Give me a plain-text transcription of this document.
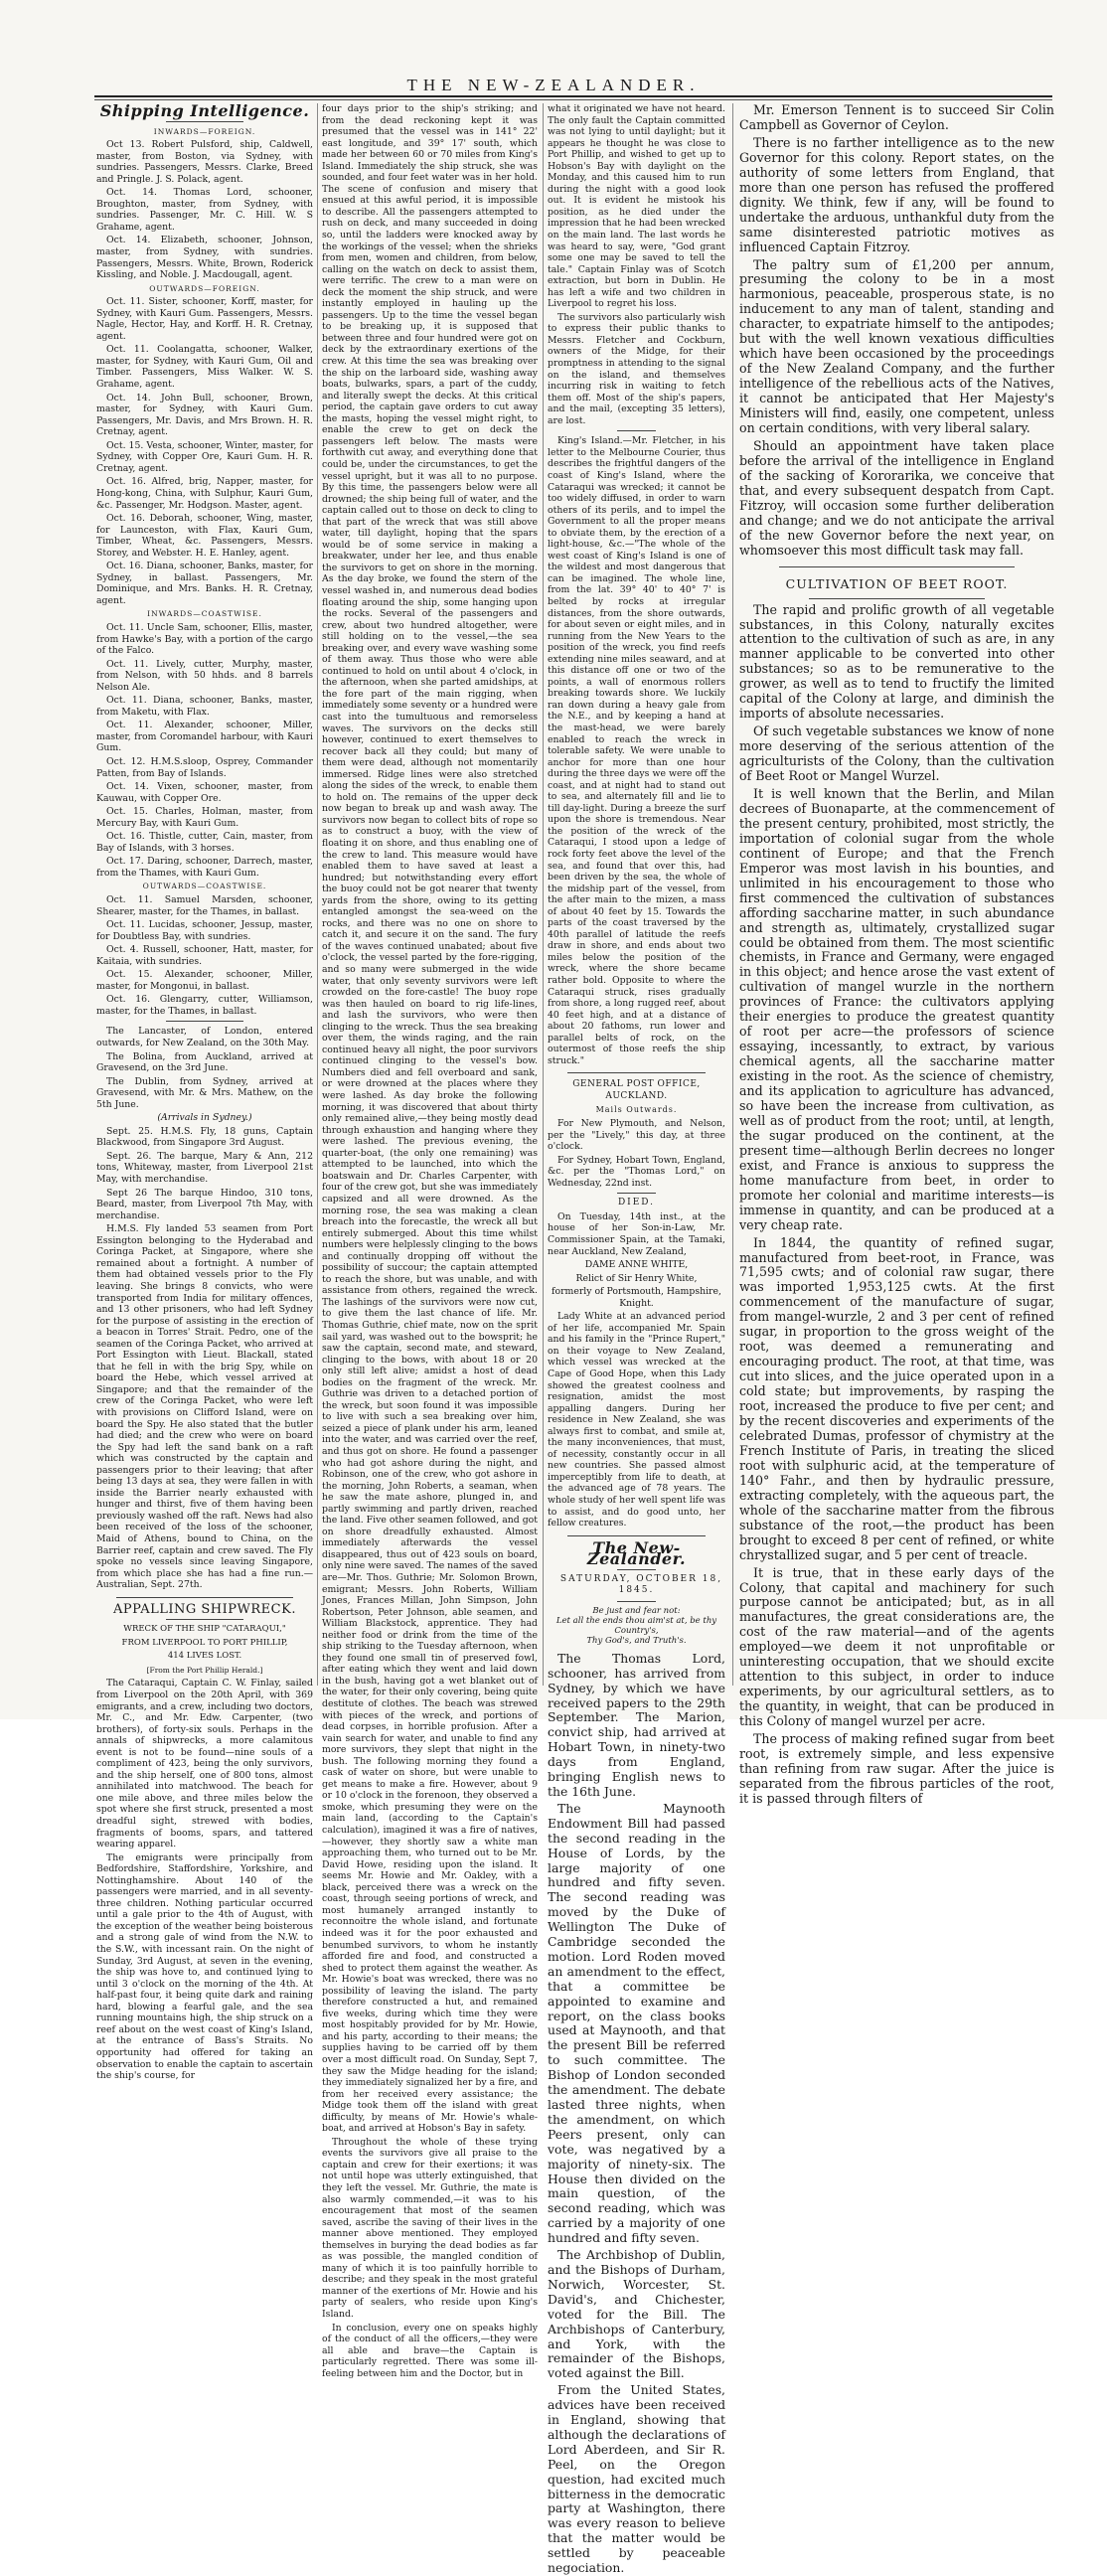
THE NEW-ZEALANDER.
Shipping Intelligence.

INWARDS—FOREIGN.

Oct 13. Robert Pulsford, ship, Caldwell, master, from Boston, via Sydney, with sundries. Passengers, Messrs. Clarke, Breed and Pringle. J. S. Polack, agent.

Oct. 14. Thomas Lord, schooner, Broughton, master, from Sydney, with sundries. Passenger, Mr. C. Hill. W. S Grahame, agent.

Oct. 14. Elizabeth, schooner, Johnson, master, from Sydney, with sundries. Passengers, Messrs. White, Brown, Roderick Kissling, and Noble. J. Macdougall, agent.

OUTWARDS—FOREIGN.

Oct. 11. Sister, schooner, Korff, master, for Sydney, with Kauri Gum. Passengers, Messrs. Nagle, Hector, Hay, and Korff. H. R. Cretnay, agent.

Oct. 11. Coolangatta, schooner, Walker, master, for Sydney, with Kauri Gum, Oil and Timber. Passengers, Miss Walker. W. S. Grahame, agent.

Oct. 14. John Bull, schooner, Brown, master, for Sydney, with Kauri Gum. Passengers, Mr. Davis, and Mrs Brown. H. R. Cretnay, agent.

Oct. 15. Vesta, schooner, Winter, master, for Sydney, with Copper Ore, Kauri Gum. H. R. Cretnay, agent.

Oct. 16. Alfred, brig, Napper, master, for Hong-kong, China, with Sulphur, Kauri Gum, &c. Passenger, Mr. Hodgson. Master, agent.

Oct. 16. Deborah, schooner, Wing, master, for Launceston, with Flax, Kauri Gum, Timber, Wheat, &c. Passengers, Messrs. Storey, and Webster. H. E. Hanley, agent.

Oct. 16. Diana, schooner, Banks, master, for Sydney, in ballast. Passengers, Mr. Dominique, and Mrs. Banks. H. R. Cretnay, agent.

INWARDS—COASTWISE.

Oct. 11. Uncle Sam, schooner, Ellis, master, from Hawke's Bay, with a portion of the cargo of the Falco.

Oct. 11. Lively, cutter, Murphy, master, from Nelson, with 50 hhds. and 8 barrels Nelson Ale.

Oct. 11. Diana, schooner, Banks, master, from Maketu, with Flax.

Oct. 11. Alexander, schooner, Miller, master, from Coromandel harbour, with Kauri Gum.

Oct. 12. H.M.S.sloop, Osprey, Commander Patten, from Bay of Islands.

Oct. 14. Vixen, schooner, master, from Kauwau, with Copper Ore.

Oct. 15. Charles, Holman, master, from Mercury Bay, with Kauri Gum.

Oct. 16. Thistle, cutter, Cain, master, from Bay of Islands, with 3 horses.

Oct. 17. Daring, schooner, Darrech, master, from the Thames, with Kauri Gum.

OUTWARDS—COASTWISE.

Oct. 11. Samuel Marsden, schooner, Shearer, master, for the Thames, in ballast.

Oct. 11. Lucidas, schooner, Jessup, master, for Doubtless Bay, with sundries.

Oct. 4. Russell, schooner, Hatt, master, for Kaitaia, with sundries.

Oct. 15. Alexander, schooner, Miller, master, for Mongonui, in ballast.

Oct. 16. Glengarry, cutter, Williamson, master, for the Thames, in ballast.

The Lancaster, of London, entered outwards, for New Zealand, on the 30th May.

The Bolina, from Auckland, arrived at Gravesend, on the 3rd June.

The Dublin, from Sydney, arrived at Gravesend, with Mr. & Mrs. Mathew, on the 5th June.

(Arrivals in Sydney.)

Sept. 25. H.M.S. Fly, 18 guns, Captain Blackwood, from Singapore 3rd August.

Sept. 26. The barque, Mary & Ann, 212 tons, Whiteway, master, from Liverpool 21st May, with merchandise.

Sept 26 The barque Hindoo, 310 tons, Beard, master, from Liverpool 7th May, with merchandise.

H.M.S. Fly landed 53 seamen from Port Essington belonging to the Hyderabad and Coringa Packet, at Singapore, where she remained about a fortnight. A number of them had obtained vessels prior to the Fly leaving. She brings 8 convicts, who were transported from India for military offences, and 13 other prisoners, who had left Sydney for the purpose of assisting in the erection of a beacon in Torres' Strait. Pedro, one of the seamen of the Coringa Packet, who arrived at Port Essington with Lieut. Blackall, stated that he fell in with the brig Spy, while on board the Hebe, which vessel arrived at Singapore; and that the remainder of the crew of the Coringa Packet, who were left with provisions on Clifford Island, were on board the Spy. He also stated that the butler had died; and the crew who were on board the Spy had left the sand bank on a raft which was constructed by the captain and passengers prior to their leaving; that after being 13 days at sea, they were fallen in with inside the Barrier nearly exhausted with hunger and thirst, five of them having been previously washed off the raft. News had also been received of the loss of the schooner, Maid of Athens, bound to China, on the Barrier reef, captain and crew saved. The Fly spoke no vessels since leaving Singapore, from which place she has had a fine run.—Australian, Sept. 27th.

APPALLING SHIPWRECK.

WRECK OF THE SHIP "CATARAQUI,"

FROM LIVERPOOL TO PORT PHILLIP,

414 LIVES LOST.

[From the Port Phillip Herald.]

The Cataraqui, Captain C. W. Finlay, sailed from Liverpool on the 20th April, with 369 emigrants, and a crew, including two doctors, Mr. C., and Mr. Edw. Carpenter, (two brothers), of forty-six souls. Perhaps in the annals of shipwrecks, a more calamitous event is not to be found—nine souls of a compliment of 423, being the only survivors, and the ship herself, one of 800 tons, almost annihilated into matchwood. The beach for one mile above, and three miles below the spot where she first struck, presented a most dreadful sight, strewed with bodies, fragments of booms, spars, and tattered wearing apparel.

The emigrants were principally from Bedfordshire, Staffordshire, Yorkshire, and Nottinghamshire. About 140 of the passengers were married, and in all seventy-three children. Nothing particular occurred until a gale prior to the 4th of August, with the exception of the weather being boisterous and a strong gale of wind from the N.W. to the S.W., with incessant rain. On the night of Sunday, 3rd August, at seven in the evening, the ship was hove to, and continued lying to until 3 o'clock on the morning of the 4th. At half-past four, it being quite dark and raining hard, blowing a fearful gale, and the sea running mountains high, the ship struck on a reef about on the west coast of King's Island, at the entrance of Bass's Straits. No opportunity had offered for taking an observation to enable the captain to ascertain the ship's course, for

four days prior to the ship's striking; and from the dead reckoning kept it was presumed that the vessel was in 141° 22' east longitude, and 39° 17' south, which made her between 60 or 70 miles from King's Island. Immediately the ship struck, she was sounded, and four feet water was in her hold. The scene of confusion and misery that ensued at this awful period, it is impossible to describe. All the passengers attempted to rush on deck, and many succeeded in doing so, until the ladders were knocked away by the workings of the vessel; when the shrieks from men, women and children, from below, calling on the watch on deck to assist them, were terrific. The crew to a man were on deck the moment the ship struck, and were instantly employed in hauling up the passengers. Up to the time the vessel began to be breaking up, it is supposed that between three and four hundred were got on deck by the extraordinary exertions of the crew. At this time the sea was breaking over the ship on the larboard side, washing away boats, bulwarks, spars, a part of the cuddy, and literally swept the decks. At this critical period, the captain gave orders to cut away the masts, hoping the vessel might right, to enable the crew to get on deck the passengers left below. The masts were forthwith cut away, and everything done that could be, under the circumstances, to get the vessel upright, but it was all to no purpose. By this time, the passengers below were all drowned; the ship being full of water, and the captain called out to those on deck to cling to that part of the wreck that was still above water, till daylight, hoping that the spars would be of some service in making a breakwater, under her lee, and thus enable the survivors to get on shore in the morning. As the day broke, we found the stern of the vessel washed in, and numerous dead bodies floating around the ship, some hanging upon the rocks. Several of the passengers and crew, about two hundred altogether, were still holding on to the vessel,—the sea breaking over, and every wave washing some of them away. Thus those who were able continued to hold on until about 4 o'clock, in the afternoon, when she parted amidships, at the fore part of the main rigging, when immediately some seventy or a hundred were cast into the tumultuous and remorseless waves. The survivors on the decks still however, continued to exert themselves to recover back all they could; but many of them were dead, although not momentarily immersed. Ridge lines were also stretched along the sides of the wreck, to enable them to hold on. The remains of the upper deck now began to break up and wash away. The survivors now began to collect bits of rope so as to construct a buoy, with the view of floating it on shore, and thus enabling one of the crew to land. This measure would have enabled them to have saved at least a hundred; but notwithstanding every effort the buoy could not be got nearer that twenty yards from the shore, owing to its getting entangled amongst the sea-weed on the rocks, and there was no one on shore to catch it, and secure it on the sand. The fury of the waves continued unabated; about five o'clock, the vessel parted by the fore-rigging, and so many were submerged in the wide water, that only seventy survivors were left crowded on the fore-castle! The buoy rope was then hauled on board to rig life-lines, and lash the survivors, who were then clinging to the wreck. Thus the sea breaking over them, the winds raging, and the rain continued heavy all night, the poor survivors continued clinging to the vessel's bow. Numbers died and fell overboard and sank, or were drowned at the places where they were lashed. As day broke the following morning, it was discovered that about thirty only remained alive,—they being mostly dead through exhaustion and hanging where they were lashed. The previous evening, the quarter-boat, (the only one remaining) was attempted to be launched, into which the boatswain and Dr. Charles Carpenter, with four of the crew got, but she was immediately capsized and all were drowned. As the morning rose, the sea was making a clean breach into the forecastle, the wreck all but entirely submerged. About this time whilst numbers were helplessly clinging to the bows and continually dropping off without the possibility of succour; the captain attempted to reach the shore, but was unable, and with assistance from others, regained the wreck. The lashings of the survivors were now cut, to give them the last chance of life. Mr. Thomas Guthrie, chief mate, now on the sprit sail yard, was washed out to the bowsprit; he saw the captain, second mate, and steward, clinging to the bows, with about 18 or 20 only still left alive; amidst a host of dead bodies on the fragment of the wreck. Mr. Guthrie was driven to a detached portion of the wreck, but soon found it was impossible to live with such a sea breaking over him, seized a piece of plank under his arm, leaned into the water, and was carried over the reef, and thus got on shore. He found a passenger who had got ashore during the night, and Robinson, one of the crew, who got ashore in the morning, John Roberts, a seaman, when he saw the mate ashore, plunged in, and partly swimming and partly driven, reached the land. Five other seamen followed, and got on shore dreadfully exhausted. Almost immediately afterwards the vessel disappeared, thus out of 423 souls on board, only nine were saved. The names of the saved are—Mr. Thos. Guthrie; Mr. Solomon Brown, emigrant; Messrs. John Roberts, William Jones, Frances Millan, John Simpson, John Robertson, Peter Johnson, able seamen, and William Blackstock, apprentice. They had neither food or drink from the time of the ship striking to the Tuesday afternoon, when they found one small tin of preserved fowl, after eating which they went and laid down in the bush, having got a wet blanket out of the water, for their only covering, being quite destitute of clothes. The beach was strewed with pieces of the wreck, and portions of dead corpses, in horrible profusion. After a vain search for water, and unable to find any more survivors, they slept that night in the bush. The following morning they found a cask of water on shore, but were unable to get means to make a fire. However, about 9 or 10 o'clock in the forenoon, they observed a smoke, which presuming they were on the main land, (according to the Captain's calculation), imagined it was a fire of natives,—however, they shortly saw a white man approaching them, who turned out to be Mr. David Howe, residing upon the island. It seems Mr. Howie and Mr. Oakley, with a black, perceived there was a wreck on the coast, through seeing portions of wreck, and most humanely arranged instantly to reconnoitre the whole island, and fortunate indeed was it for the poor exhausted and benumbed survivors, to whom he instantly afforded fire and food, and constructed a shed to protect them against the weather. As Mr. Howie's boat was wrecked, there was no possibility of leaving the island. The party therefore constructed a hut, and remained five weeks, during which time they were most hospitably provided for by Mr. Howie, and his party, according to their means; the supplies having to be carried off by them over a most difficult road. On Sunday, Sept 7, they saw the Midge heading for the island; they immediately signalized her by a fire, and from her received every assistance; the Midge took them off the island with great difficulty, by means of Mr. Howie's whale-boat, and arrived at Hobson's Bay in safety.

Throughout the whole of these trying events the survivors give all praise to the captain and crew for their exertions; it was not until hope was utterly extinguished, that they left the vessel. Mr. Guthrie, the mate is also warmly commended,—it was to his encouragement that most of the seamen saved, ascribe the saving of their lives in the manner above mentioned. They employed themselves in burying the dead bodies as far as was possible, the mangled condition of many of which it is too painfully horrible to describe; and they speak in the most grateful manner of the exertions of Mr. Howie and his party of sealers, who reside upon King's Island.

In conclusion, every one on speaks highly of the conduct of all the officers,—they were all able and brave—the Captain is particularly regretted. There was some ill-feeling between him and the Doctor, but in

what it originated we have not heard. The only fault the Captain committed was not lying to until daylight; but it appears he thought he was close to Port Phillip, and wished to get up to Hobson's Bay with daylight on the Monday, and this caused him to run during the night with a good look out. It is evident he mistook his position, as he died under the impression that he had been wrecked on the main land. The last words he was heard to say, were, "God grant some one may be saved to tell the tale." Captain Finlay was of Scotch extraction, but born in Dublin. He has left a wife and two children in Liverpool to regret his loss.

The survivors also particularly wish to express their public thanks to Messrs. Fletcher and Cockburn, owners of the Midge, for their promptness in attending to the signal on the island, and themselves incurring risk in waiting to fetch them off. Most of the ship's papers, and the mail, (excepting 35 letters), are lost.

King's Island.—Mr. Fletcher, in his letter to the Melbourne Courier, thus describes the frightful dangers of the coast of King's Island, where the Cataraqui was wrecked; it cannot be too widely diffused, in order to warn others of its perils, and to impel the Government to all the proper means to obviate them, by the erection of a light-house, &c.—"The whole of the west coast of King's Island is one of the wildest and most dangerous that can be imagined. The whole line, from the lat. 39° 40' to 40° 7' is belted by rocks at irregular distances, from the shore outwards, for about seven or eight miles, and in running from the New Years to the position of the wreck, you find reefs extending nine miles seaward, and at this distance off one or two of the points, a wall of enormous rollers breaking towards shore. We luckily ran down during a heavy gale from the N.E., and by keeping a hand at the mast-head, we were barely enabled to reach the wreck in tolerable safety. We were unable to anchor for more than one hour during the three days we were off the coast, and at night had to stand out to sea, and alternately fill and lie to till day-light. During a breeze the surf upon the shore is tremendous. Near the position of the wreck of the Cataraqui, I stood upon a ledge of rock forty feet above the level of the sea, and found that over this, had been driven by the sea, the whole of the midship part of the vessel, from the after main to the mizen, a mass of about 40 feet by 15. Towards the parts of the coast traversed by the 40th parallel of latitude the reefs draw in shore, and ends about two miles below the position of the wreck, where the shore became rather bold. Opposite to where the Cataraqui struck, rises gradually from shore, a long rugged reef, about 40 feet high, and at a distance of about 20 fathoms, run lower and parallel belts of rock, on the outermost of those reefs the ship struck."

GENERAL POST OFFICE, AUCKLAND.

Mails Outwards.

For New Plymouth, and Nelson, per the "Lively," this day, at three o'clock.

For Sydney, Hobart Town, England, &c. per the "Thomas Lord," on Wednesday, 22nd inst.

DIED.

On Tuesday, 14th inst., at the house of her Son-in-Law, Mr. Commissioner Spain, at the Tamaki, near Auckland, New Zealand,

DAME ANNE WHITE,

Relict of Sir Henry White,

formerly of Portsmouth, Hampshire, Knight.

Lady White at an advanced period of her life, accompanied Mr. Spain and his family in the "Prince Rupert," on their voyage to New Zealand, which vessel was wrecked at the Cape of Good Hope, when this Lady showed the greatest coolness and resignation, amidst the most appalling dangers. During her residence in New Zealand, she was always first to combat, and smile at, the many inconveniences, that must, of necessity, constantly occur in all new countries. She passed almost imperceptibly from life to death, at the advanced age of 78 years. The whole study of her well spent life was to assist, and do good unto, her fellow creatures.

The New-Zealander.

SATURDAY, OCTOBER 18, 1845.

Be just and fear not:
Let all the ends thou aim'st at, be thy Country's,
Thy God's, and Truth's.

The Thomas Lord, schooner, has arrived from Sydney, by which we have received papers to the 29th September. The Marion, convict ship, had arrived at Hobart Town, in ninety-two days from England, bringing English news to the 16th June.

The Maynooth Endowment Bill had passed the second reading in the House of Lords, by the large majority of one hundred and fifty seven. The second reading was moved by the Duke of Wellington The Duke of Cambridge seconded the motion. Lord Roden moved an amendment to the effect, that a committee be appointed to examine and report, on the class books used at Maynooth, and that the present Bill be referred to such committee. The Bishop of London seconded the amendment. The debate lasted three nights, when the amendment, on which Peers present, only can vote, was negatived by a majority of ninety-six. The House then divided on the main question, of the second reading, which was carried by a majority of one hundred and fifty seven.

The Archbishop of Dublin, and the Bishops of Durham, Norwich, Worcester, St. David's, and Chichester, voted for the Bill. The Archbishops of Canterbury, and York, with the remainder of the Bishops, voted against the Bill.

From the United States, advices have been received in England, showing that although the declarations of Lord Aberdeen, and Sir R. Peel, on the Oregon question, had excited much bitterness in the democratic party at Washington, there was every reason to believe that the matter would be settled by peaceable negociation.

Mr. Emerson Tennent is to succeed Sir Colin Campbell as Governor of Ceylon.

There is no farther intelligence as to the new Governor for this colony. Report states, on the authority of some letters from England, that more than one person has refused the proffered dignity. We think, few if any, will be found to undertake the arduous, unthankful duty from the same disinterested patriotic motives as influenced Captain Fitzroy.

The paltry sum of £1,200 per annum, presuming the colony to be in a most harmonious, peaceable, prosperous state, is no inducement to any man of talent, standing and character, to expatriate himself to the antipodes; but with the well known vexatious difficulties which have been occasioned by the proceedings of the New Zealand Company, and the further intelligence of the rebellious acts of the Natives, it cannot be anticipated that Her Majesty's Ministers will find, easily, one competent, unless on certain conditions, with very liberal salary.

Should an appointment have taken place before the arrival of the intelligence in England of the sacking of Kororarika, we conceive that that, and every subsequent despatch from Capt. Fitzroy, will occasion some further deliberation and change; and we do not anticipate the arrival of the new Governor before the next year, on whomsoever this most difficult task may fall.

CULTIVATION OF BEET ROOT.

The rapid and prolific growth of all vegetable substances, in this Colony, naturally excites attention to the cultivation of such as are, in any manner applicable to be converted into other substances; so as to be remunerative to the grower, as well as to tend to fructify the limited capital of the Colony at large, and diminish the imports of absolute necessaries.

Of such vegetable substances we know of none more deserving of the serious attention of the agriculturists of the Colony, than the cultivation of Beet Root or Mangel Wurzel.

It is well known that the Berlin, and Milan decrees of Buonaparte, at the commencement of the present century, prohibited, most strictly, the importation of colonial sugar from the whole continent of Europe; and that the French Emperor was most lavish in his bounties, and unlimited in his encouragement to those who first commenced the cultivation of substances affording saccharine matter, in such abundance and strength as, ultimately, crystallized sugar could be obtained from them. The most scientific chemists, in France and Germany, were engaged in this object; and hence arose the vast extent of cultivation of mangel wurzle in the northern provinces of France: the cultivators applying their energies to produce the greatest quantity of root per acre—the professors of science essaying, incessantly, to extract, by various chemical agents, all the saccharine matter existing in the root. As the science of chemistry, and its application to agriculture has advanced, so have been the increase from cultivation, as well as of product from the root; until, at length, the sugar produced on the continent, at the present time—although Berlin decrees no longer exist, and France is anxious to suppress the home manufacture from beet, in order to promote her colonial and maritime interests—is immense in quantity, and can be produced at a very cheap rate.

In 1844, the quantity of refined sugar, manufactured from beet-root, in France, was 71,595 cwts; and of colonial raw sugar, there was imported 1,953,125 cwts. At the first commencement of the manufacture of sugar, from mangel-wurzle, 2 and 3 per cent of refined sugar, in proportion to the gross weight of the root, was deemed a remunerating and encouraging product. The root, at that time, was cut into slices, and the juice operated upon in a cold state; but improvements, by rasping the root, increased the produce to five per cent; and by the recent discoveries and experiments of the celebrated Dumas, professor of chymistry at the French Institute of Paris, in treating the sliced root with sulphuric acid, at the temperature of 140° Fahr., and then by hydraulic pressure, extracting completely, with the aqueous part, the whole of the saccharine matter from the fibrous substance of the root,—the product has been brought to exceed 8 per cent of refined, or white chrystallized sugar, and 5 per cent of treacle.

It is true, that in these early days of the Colony, that capital and machinery for such purpose cannot be anticipated; but, as in all manufactures, the great considerations are, the cost of the raw material—and of the agents employed—we deem it not unprofitable or uninteresting occupation, that we should excite attention to this subject, in order to induce experiments, by our agricultural settlers, as to the quantity, in weight, that can be produced in this Colony of mangel wurzel per acre.

The process of making refined sugar from beet root, is extremely simple, and less expensive than refining from raw sugar. After the juice is separated from the fibrous particles of the root, it is passed through filters of
